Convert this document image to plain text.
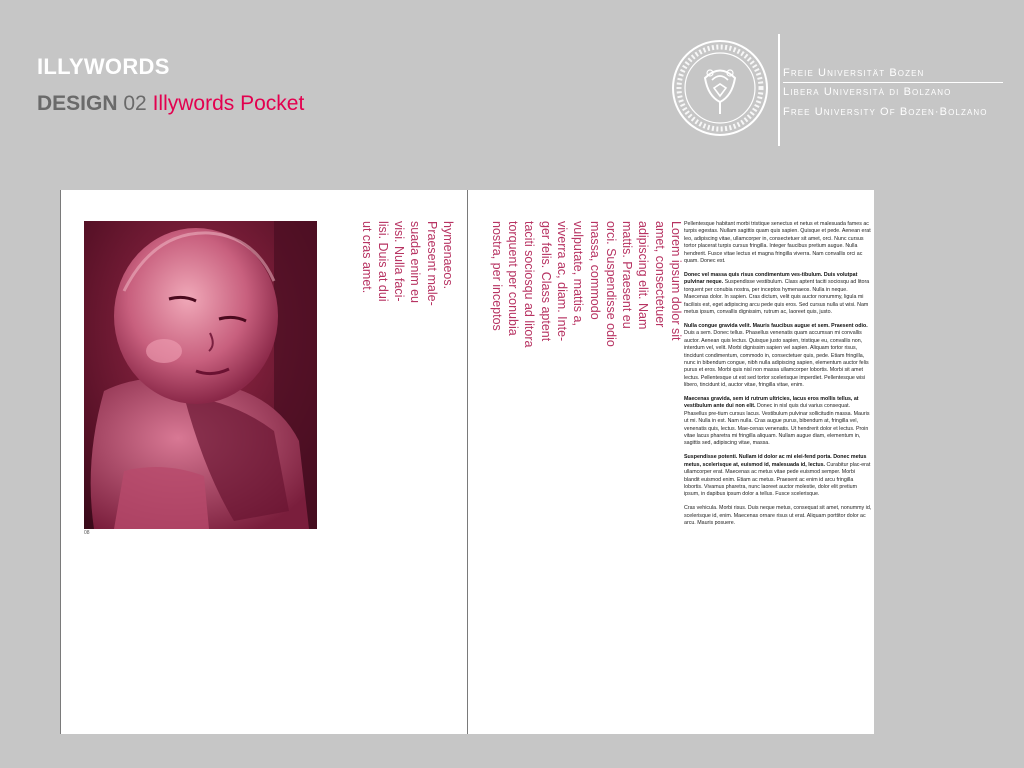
ILLYWORDS
DESIGN 02 Illywords Pocket
Freie Universität Bozen
Libera Università di Bolzano
Free University Of Bozen·Bolzano
08

Lorem ipsum dolor sit

amet, consectetuer

adipiscing elit. Nam

mattis. Praesent eu

orci. Suspendisse odio

massa, commodo

vulputate, mattis a,

viverra ac, diam. Inte-

ger felis. Class aptent

taciti sociosqu ad litora

torquent per conubia

nostra, per inceptos

hymenaeos.

Praesent male-

suada enim eu

visi. Nulla faci-

lisi. Duis at dui

ut cras amet.	Pellentesque habitant morbi tristique senectus et netus et malesuada fames ac turpis egestas. Nullam sagittis quam quis sapien. Quisque et pede. Aenean erat leo, adipiscing vitae, ullamcorper in, consectetuer sit amet, orci. Nunc cursus tortor placerat turpis cursus fringilla. Integer faucibus pretium augue. Nulla hendrerit. Fusce vitae lectus et magna fringilla viverra. Nam convallis orci ac quam. Donec est.

Donec vel massa quis risus condimentum ves-tibulum. Duis volutpat pulvinar neque. Suspendisse vestibulum. Class aptent taciti sociosqu ad litora torquent per conubia nostra, per inceptos hymenaeos. Nulla in neque. Maecenas dolor. In sapien. Cras dictum, velit quis auctor nonummy, ligula mi facilisis est, eget adipiscing arcu pede quis eros. Sed cursus nulla ut wisi. Nam metus ipsum, convallis dignissim, rutrum ac, laoreet quis, justo.

Nulla congue gravida velit. Mauris faucibus augue et sem. Praesent odio. Duis a sem. Donec tellus. Phasellus venenatis quam accumsan mi convallis auctor. Aenean quis lectus. Quisque justo sapien, tristique eu, convallis non, interdum vel, velit. Morbi dignissim sapien vel sapien. Aliquam tortor risus, tincidunt condimentum, commodo in, consectetuer quis, pede. Etiam fringilla, nunc in bibendum congue, nibh nulla adipiscing sapien, elementum auctor felis purus et eros. Morbi quis nisl non massa ullamcorper lobortis. Morbi sit amet lectus. Pellentesque ut est sed tortor scelerisque imperdiet. Pellentesque wisi libero, tincidunt id, auctor vitae, fringilla vitae, enim.

Maecenas gravida, sem id rutrum ultricies, lacus eros mollis tellus, at vestibulum ante dui non elit. Donec in nisl quis dui varius consequat. Phasellus pre-tium cursus lacus. Vestibulum pulvinar sollicitudin massa. Mauris ut mi. Nulla in est. Nam nulla. Cras augue purus, bibendum at, fringilla vel, venenatis quis, lectus. Mae-cenas venenatis. Ut hendrerit dolor et lectus. Proin vitae lacus pharetra mi fringilla aliquam. Nullam augue diam, elementum in, sagittis sed, adipiscing vitae, massa.

Suspendisse potenti. Nullam id dolor ac mi elei-fend porta. Donec metus metus, scelerisque at, euismod id, malesuada id, lectus. Curabitur plac-erat ullamcorper erat. Maecenas ac metus vitae pede euismod semper. Morbi blandit euismod enim. Etiam ac metus. Praesent ac enim id arcu fringilla lobortis. Vivamus pharetra, nunc laoreet auctor molestie, dolor elit pretium ipsum, in dapibus ipsum dolor a tellus. Fusce scelerisque.

Cras vehicula. Morbi risus. Duis neque metus, consequat sit amet, nonummy id, scelerisque id, enim. Maecenas ornare risus ut erat. Aliquam porttitor dolor ac arcu. Mauris posuere.
